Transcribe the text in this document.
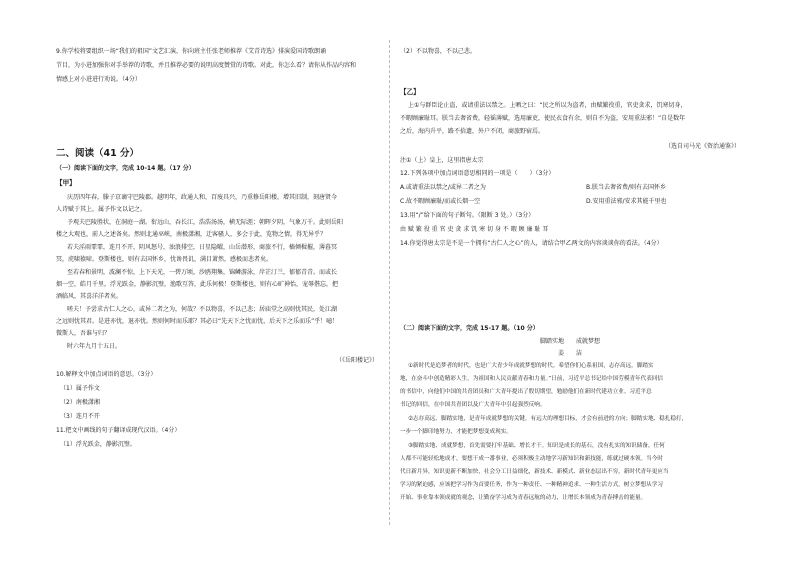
9.你学校将要组织一场“我们的祖国”文艺汇演，你向班主任张老师推荐《艾青诗选》排演爱国诗歌朗诵
节目，为小进加强你对手举荐的诗歌，并且推荐必要的说明高度赞赏的诗歌。对此，你怎么看？请你从作品内容和
情感上对小进进行劝说。（4分）
二、阅读（41 分）
（一）阅读下面的文字，完成 10-14 题。（17 分）
【甲】
庆历四年春，滕子京谪守巴陵郡。越明年，政通人和，百废具兴，乃重修岳阳楼，增其旧制，刻唐贤今
人诗赋于其上，属予作文以记之。
予观夫巴陵胜状，在洞庭一湖。衔远山，吞长江，浩浩汤汤，横无际涯；朝晖夕阴，气象万千。此则岳阳
楼之大观也，前人之述备矣。然则北通巫峡，南极潇湘，迁客骚人，多会于此，览物之情，得无异乎？
若夫淫雨霏霏，连月不开，阴风怒号，浊浪排空，日星隐曜，山岳潜形，商旅不行，樯倾楫摧，薄暮冥
冥，虎啸猿啼。登斯楼也，则有去国怀乡，忧谗畏讥，满目萧然，感极而悲者矣。
至若春和景明，波澜不惊，上下天光，一碧万顷，沙鸥翔集，锦鳞游泳，岸芷汀兰，郁郁青青。而或长
烟一空，皓月千里，浮光跃金，静影沉璧，渔歌互答，此乐何极！登斯楼也，则有心旷神怡，宠辱偕忘，把
酒临风，其喜洋洋者矣。
嗟夫！予尝求古仁人之心，或异二者之为，何哉？不以物喜，不以己悲；居庙堂之高则忧其民，处江湖
之远则忧其君。是进亦忧，退亦忧。然则何时而乐耶？其必曰“先天下之忧而忧，后天下之乐而乐”乎！噫！
微斯人，吾谁与归？
时六年九月十五日。
（《岳阳楼记》）
10.解释文中加点词语的意思。（3分）
（1）属予作文
（2）南极潇湘
（3）连月不开
11.把文中画线的句子翻译成现代汉语。（4分）
（1）浮光跃金，静影沉璧。
（2）不以物喜，不以己悲。
【乙】
上①与群臣论止盗，或请重法以禁之。上哂之曰：“民之所以为盗者，由赋繁役重，官吏贪求，饥寒切身，
不暇顾廉耻耳。朕当去奢省费，轻徭薄赋，选用廉吏，使民衣食有余，则自不为盗，安用重法邪！”自是数年
之后，海内升平，路不拾遗，外户不闭，商旅野宿焉。
（选自司马光《资治通鉴》）
注①（上）皇上，这里指唐太宗
12.下列各项中加点词语意思相同的一项是（　　）（3分）
A.或请重法以禁之/或异二者之为	B.朕当去奢省费/则有去国怀乡
C.故不暇顾廉耻/而或长烟一空	D.安用重法邪/安求其能千里也
13.用“/”给下面的句子断句。（限断 3 处。）（3分）
由 赋 繁 役 重 官 吏 贪 求 饥 寒 切 身 不 暇 顾 廉 耻 耳
14.你觉得唐太宗是不是一个拥有“古仁人之心”的人，请结合甲乙两文的内容谈谈你的看法。（4分）
（二）阅读下面的文字，完成 15-17 题。（10 分）
脚踏实地　　成就梦想
姜　　洁
①新时代是追梦者的时代，也是广大青少年成就梦想的时代。希望你们心系祖国，志存高远，脚踏实
地，在奋斗中创造精彩人生，为祖国和人民贡献青春和力量。”日前，习近平总书记给中国劳模青年代表回信
的书信中，向他们中国的共青团员和广大青年提出了殷切期望，勉励他们在新时代建功立业。习近平总
书记的回信，在中国共青团以及广大青年中引起强烈反响。
②志存高远、脚踏实地，是青年成就梦想的关键。有远大的理想目标，才会有前进的方向；脚踏实地、稳扎稳打，
一步一个脚印地努力，才能把梦想变成现实。
③脚踏实地、成就梦想，首先需要打牢基础、增长才干。知识是成长的基石，没有扎实的知识储备，任何
人都不可能轻松地成才，要想干成一番事业，必须积极主动地学习新知识和新技能，练就过硬本领。当今时
代日新月异，知识更新不断加快，社会分工日益细化，新技术、新模式、新业态层出不穷，新时代青年更应当
学习的紧迫感，应该把学习作为首要任务，作为一种责任、一种精神追求、一种生活方式，树立梦想从学习
开始、事业靠本领成就的观念，让勤奋学习成为青春远航的动力，让增长本领成为青春搏击的能量。
